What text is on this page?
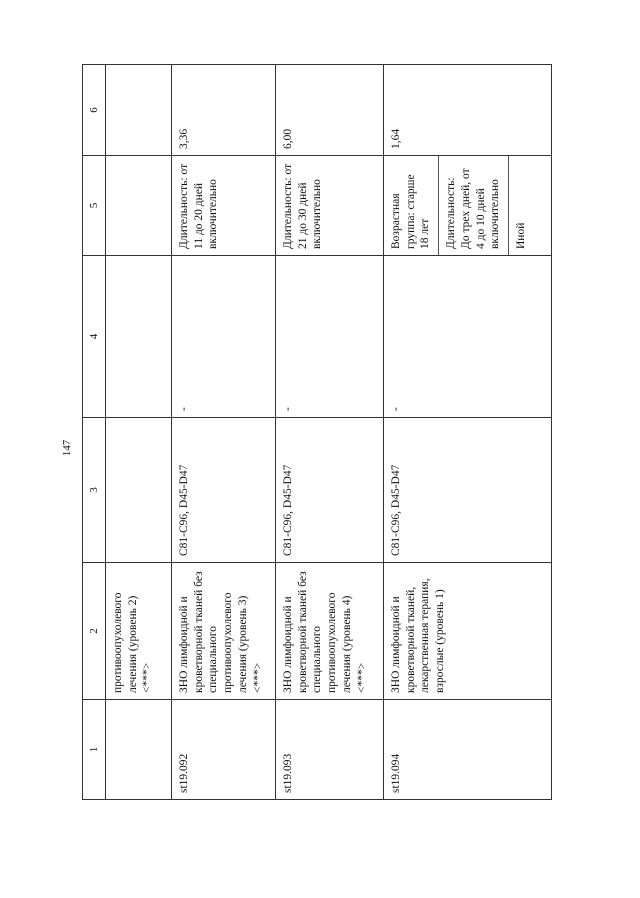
147
1	2	3	4	5	6
	противоопухолевого лечения (уровень 2) <***>				
st19.092	ЗНО лимфоидной и кроветворной тканей без специального противоопухолевого лечения (уровень 3) <***>	C81-C96, D45-D47	-	Длительность: от 11 до 20 дней включительно	3,36
st19.093	ЗНО лимфоидной и кроветворной тканей без специального противоопухолевого лечения (уровень 4) <***>	C81-C96, D45-D47	-	Длительность: от 21 до 30 дней включительно	6,00
st19.094	ЗНО лимфоидной и кроветворной тканей, лекарственная терапия, взрослые (уровень 1)	C81-C96, D45-D47	-	Возрастная группа: старше 18 лет Длительность: До трех дней, от 4 до 10 дней включительно Иной	1,64
